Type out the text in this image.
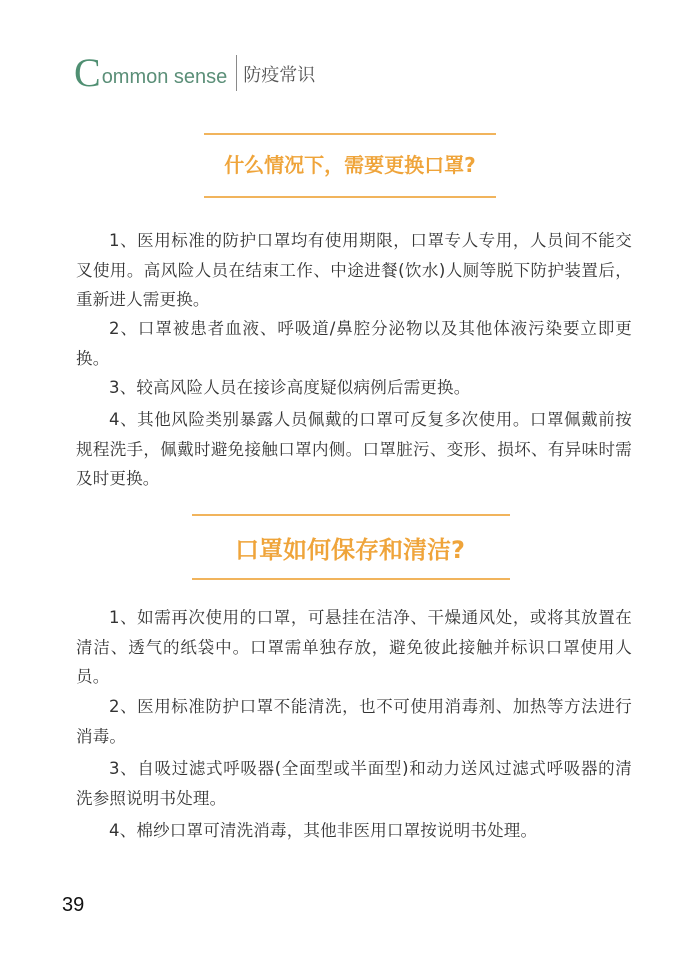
C ommon sense 防疫常识
什么情况下，需要更换口罩?

1、医用标准的防护口罩均有使用期限，口罩专人专用，人员间不能交叉使用。高风险人员在结束工作、中途进餐(饮水)人厕等脱下防护装置后，重新进人需更换。

2、口罩被患者血液、呼吸道/鼻腔分泌物以及其他体液污染要立即更换。

3、较高风险人员在接诊高度疑似病例后需更换。

4、其他风险类别暴露人员佩戴的口罩可反复多次使用。口罩佩戴前按规程洗手，佩戴时避免接触口罩内侧。口罩脏污、变形、损坏、有异味时需及时更换。

口罩如何保存和清洁?

1、如需再次使用的口罩，可悬挂在洁净、干燥通风处，或将其放置在清洁、透气的纸袋中。口罩需单独存放，避免彼此接触并标识口罩使用人员。

2、医用标准防护口罩不能清洗，也不可使用消毒剂、加热等方法进行消毒。

3、自吸过滤式呼吸器(全面型或半面型)和动力送风过滤式呼吸器的清洗参照说明书处理。

4、棉纱口罩可清洗消毒，其他非医用口罩按说明书处理。

39
